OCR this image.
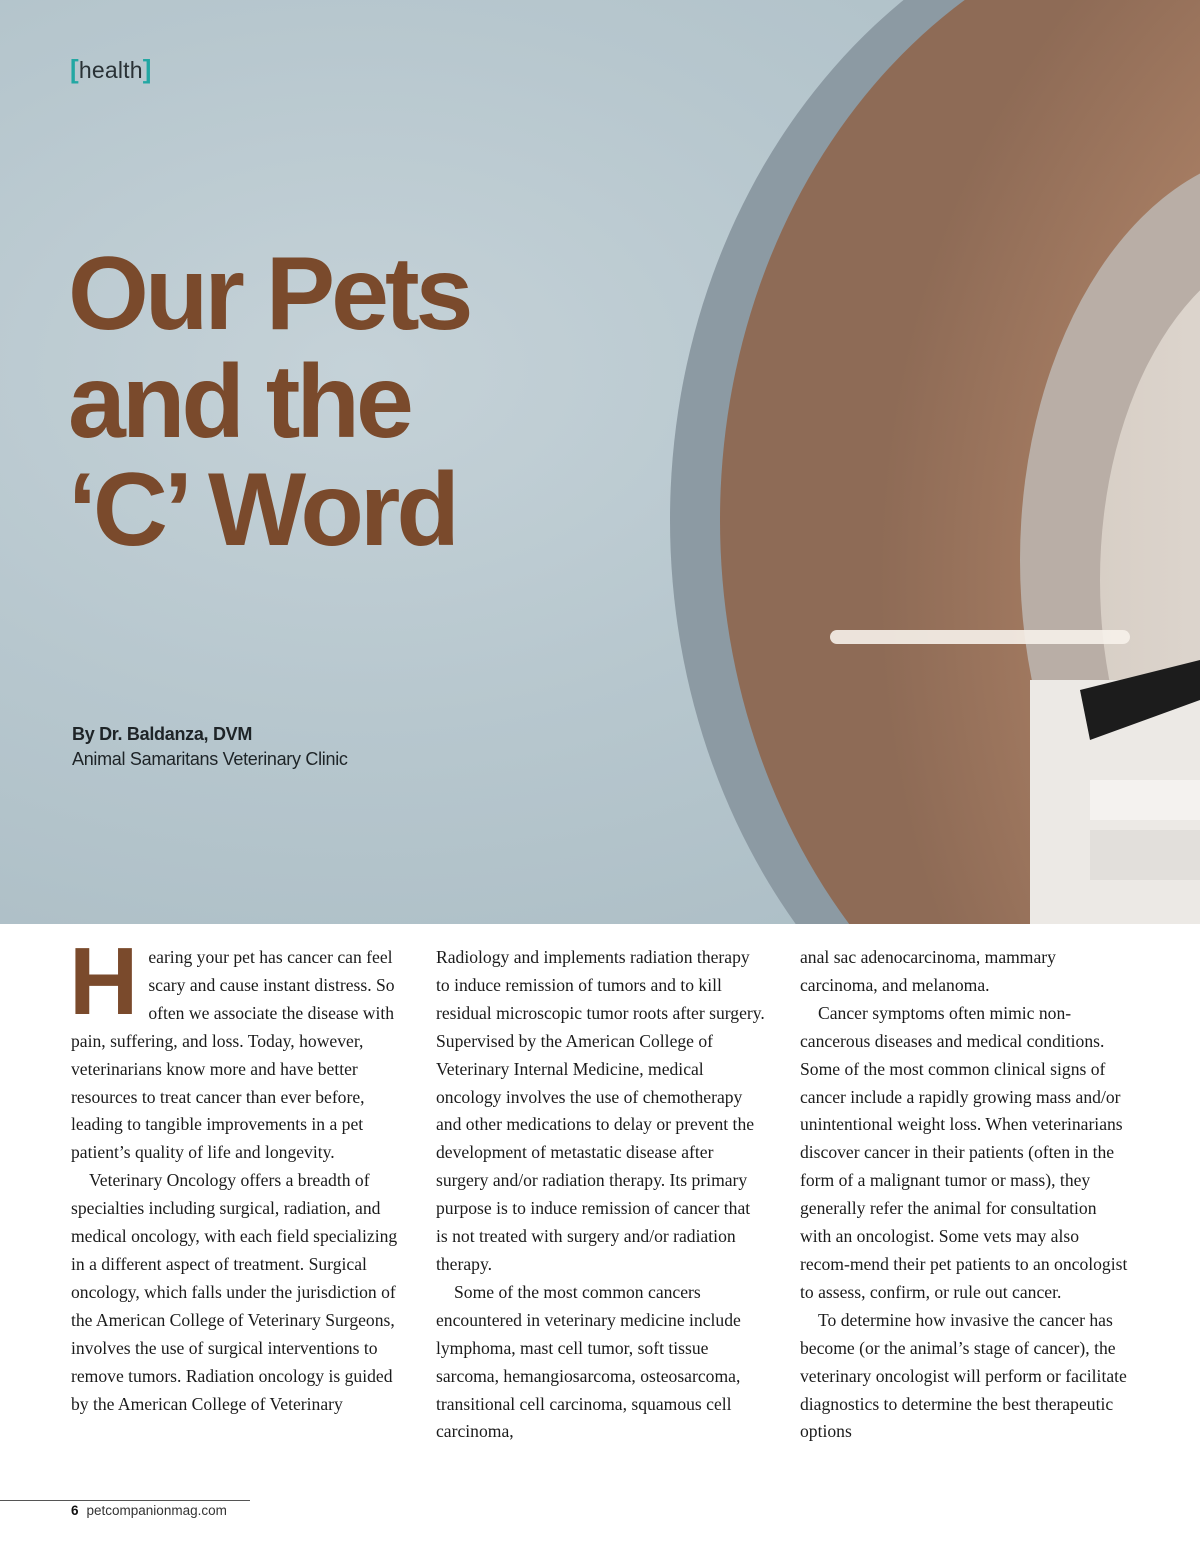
[health]

Our Pets
and the
‘C’ Word
By Dr. Baldanza, DVM
Animal Samaritans Veterinary Clinic

Hearing your pet has cancer can feel scary and cause instant distress. So often we associate the disease with pain, suffering, and loss. Today, however, veterinarians know more and have better resources to treat cancer than ever before, leading to tangible improvements in a pet patient’s quality of life and longevity.

Veterinary Oncology offers a breadth of specialties including surgical, radiation, and medical oncology, with each field specializing in a different aspect of treatment. Surgical oncology, which falls under the jurisdiction of the American College of Veterinary Surgeons, involves the use of surgical interventions to remove tumors. Radiation oncology is guided by the American College of Veterinary

Radiology and implements radiation therapy to induce remission of tumors and to kill residual microscopic tumor roots after surgery. Supervised by the American College of Veterinary Internal Medicine, medical oncology involves the use of chemotherapy and other medications to delay or prevent the development of metastatic disease after surgery and/or radiation therapy. Its primary purpose is to induce remission of cancer that is not treated with surgery and/or radiation therapy.

Some of the most common cancers encountered in veterinary medicine include lymphoma, mast cell tumor, soft tissue sarcoma, hemangiosarcoma, osteosarcoma, transitional cell carcinoma, squamous cell carcinoma,

anal sac adenocarcinoma, mammary carcinoma, and melanoma.

Cancer symptoms often mimic non-cancerous diseases and medical conditions. Some of the most common clinical signs of cancer include a rapidly growing mass and/or unintentional weight loss. When veterinarians discover cancer in their patients (often in the form of a malignant tumor or mass), they generally refer the animal for consultation with an oncologist. Some vets may also recom-mend their pet patients to an oncologist to assess, confirm, or rule out cancer.

To determine how invasive the cancer has become (or the animal’s stage of cancer), the veterinary oncologist will perform or facilitate diagnostics to determine the best therapeutic options

6 petcompanionmag.com
